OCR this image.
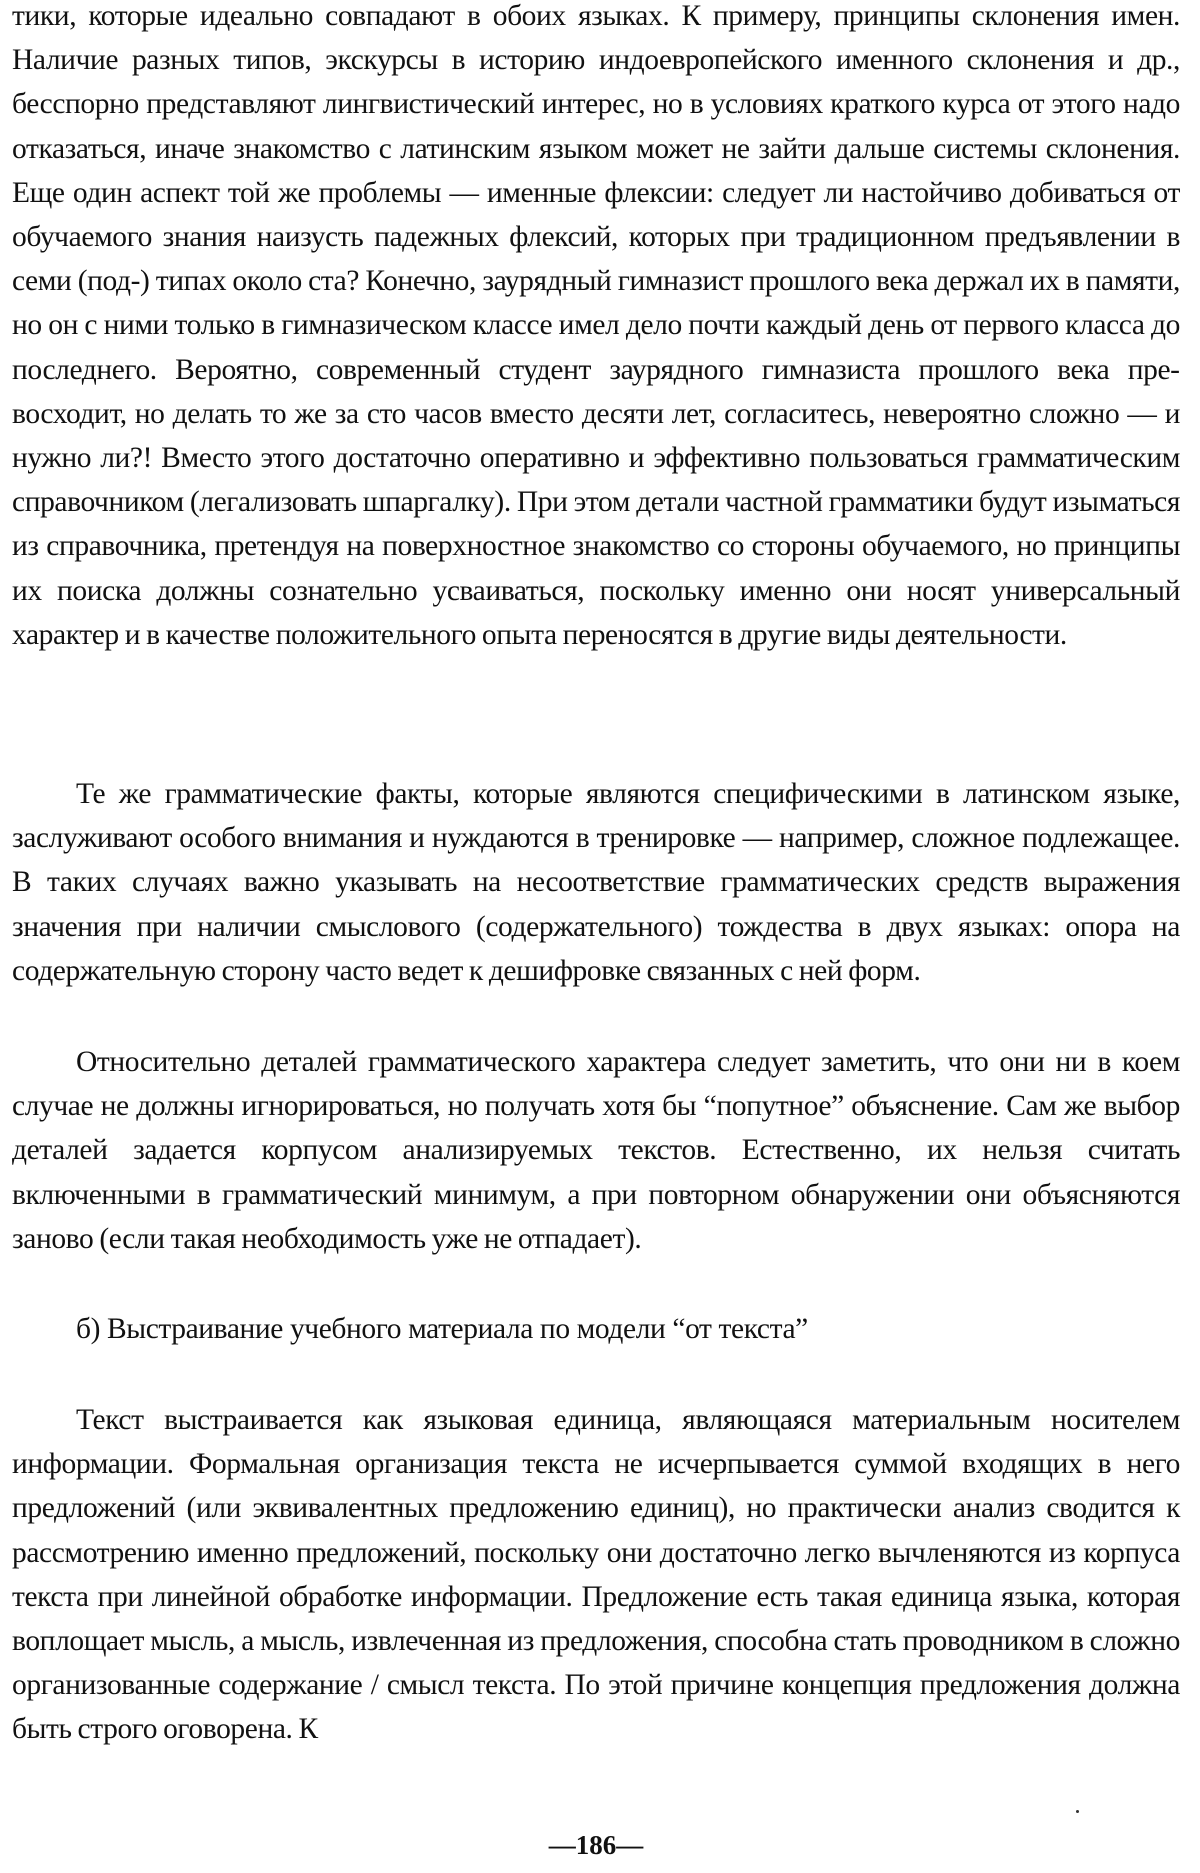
тики, которые идеально совпадают в обоих языках. К примеру, принципы склонения имен. Наличие разных типов, экскурсы в историю индоевропейского именного склонения и др., бесспорно представляют лингвистический интерес, но в условиях краткого курса от этого надо отказаться, иначе знакомство с латинским языком может не зайти дальше системы склонения. Еще один аспект той же проблемы — именные флексии: следует ли настойчиво добиваться от обучаемого знания наизусть падежных флексий, которых при традиционном предъявлении в семи (под-) типах около ста? Конечно, заурядный гимназист прошлого века держал их в памяти, но он с ними только в гимназическом классе имел дело почти каждый день от первого класса до последнего. Вероятно, современный студент заурядного гимназиста прошлого века превосходит, но делать то же за сто часов вместо десяти лет, согласитесь, невероятно сложно — и нужно ли?! Вместо этого достаточно оперативно и эффективно пользоваться грамматическим справочником (легализовать шпаргалку). При этом детали частной грамматики будут изыматься из справочника, претендуя на поверхностное знакомство со стороны обучаемого, но принципы их поиска должны сознательно усваиваться, поскольку именно они носят универсальный характер и в качестве положительного опыта переносятся в другие виды деятельности.

Те же грамматические факты, которые являются специфическими в латинском языке, заслуживают особого внимания и нуждаются в тренировке — например, сложное подлежащее. В таких случаях важно указывать на несоответствие грамматических средств выражения значения при наличии смыслового (содержательного) тождества в двух языках: опора на содержательную сторону часто ведет к дешифровке связанных с ней форм.

Относительно деталей грамматического характера следует заметить, что они ни в коем случае не должны игнорироваться, но получать хотя бы “попутное” объяснение. Сам же выбор деталей задается корпусом анализируемых текстов. Естественно, их нельзя считать включенными в грамматический минимум, а при повторном обнаружении они объясняются заново (если такая необходимость уже не отпадает).

б) Выстраивание учебного материала по модели “от текста”

Текст выстраивается как языковая единица, являющаяся материальным носителем информации. Формальная организация текста не исчерпывается суммой входящих в него предложений (или эквивалентных предложению единиц), но практически анализ сводится к рассмотрению именно предложений, поскольку они достаточно легко вычленяются из корпуса текста при линейной обработке информации. Предложение есть такая единица языка, которая воплощает мысль, а мысль, извлеченная из предложения, способна стать проводником в сложно организованные содержание / смысл текста. По этой причине концепция предложения должна быть строго оговорена. К

—186—
